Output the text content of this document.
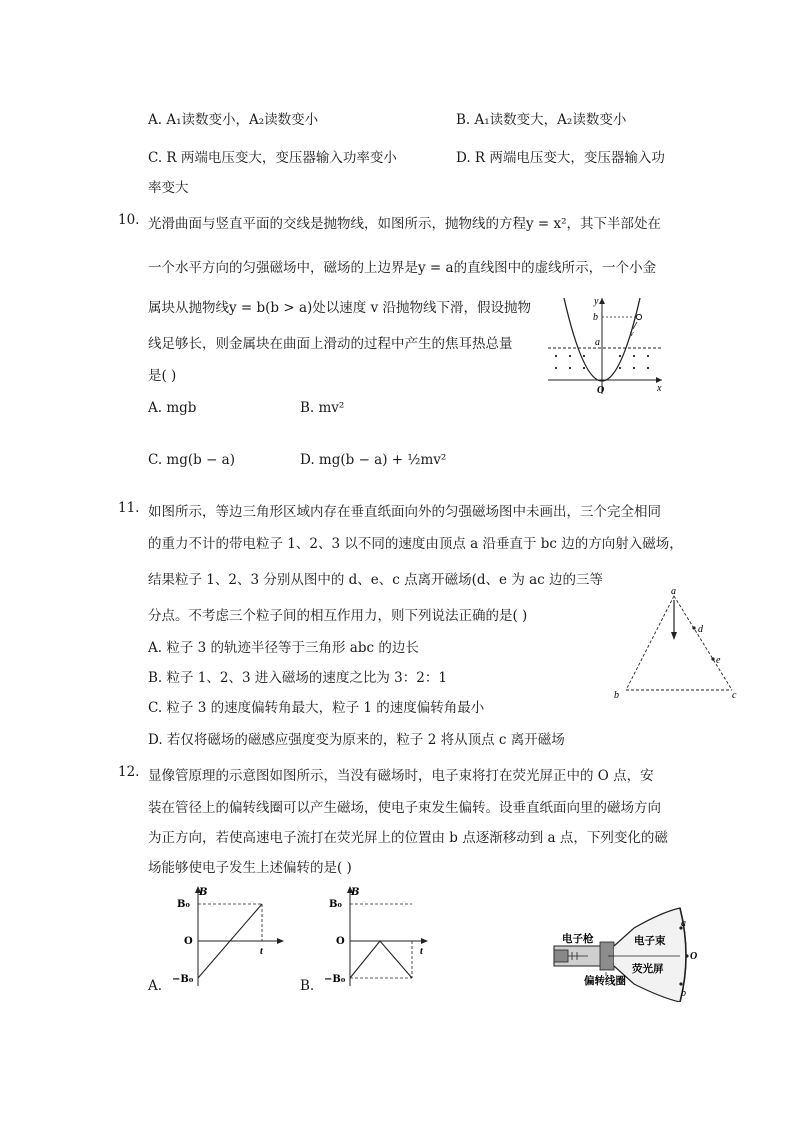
A. A₁读数变小，A₂读数变小	B. A₁读数变大，A₂读数变小
C. R 两端电压变大，变压器输入功率变小	D. R 两端电压变大，变压器输入功
率变大
10. 光滑曲面与竖直平面的交线是抛物线，如图所示，抛物线的方程y = x²，其下半部处在
一个水平方向的匀强磁场中，磁场的上边界是y = a的直线图中的虚线所示，一个小金
属块从抛物线y = b(b > a)处以速度 v 沿抛物线下滑，假设抛物
线足够长，则金属块在曲面上滑动的过程中产生的焦耳热总量
是( )
A. mgb	B. mv²
C. mg(b − a)	D. mg(b − a) + ½mv²
y
x
b
a
O
v
11. 如图所示，等边三角形区域内存在垂直纸面向外的匀强磁场图中未画出，三个完全相同
的重力不计的带电粒子 1、2、3 以不同的速度由顶点 a 沿垂直于 bc 边的方向射入磁场，
结果粒子 1、2、3 分别从图中的 d、e、c 点离开磁场(d、e 为 ac 边的三等
分点。不考虑三个粒子间的相互作用力，则下列说法正确的是( )
A. 粒子 3 的轨迹半径等于三角形 abc 的边长
B. 粒子 1、2、3 进入磁场的速度之比为 3：2：1
C. 粒子 3 的速度偏转角最大，粒子 1 的速度偏转角最小
D. 若仅将磁场的磁感应强度变为原来的，粒子 2 将从顶点 c 离开磁场
a
d
e
b	c
12. 显像管原理的示意图如图所示，当没有磁场时，电子束将打在荧光屏正中的 O 点，安
装在管径上的偏转线圈可以产生磁场，使电子束发生偏转。设垂直纸面向里的磁场方向
为正方向，若使高速电子流打在荧光屏上的位置由 b 点逐渐移动到 a 点，下列变化的磁
场能够使电子发生上述偏转的是( )
A.
B
B₀
O
−B₀
t
B.
B
B₀
O
−B₀
t
电子枪	电子束
荧光屏
偏转线圈
a
O
b
